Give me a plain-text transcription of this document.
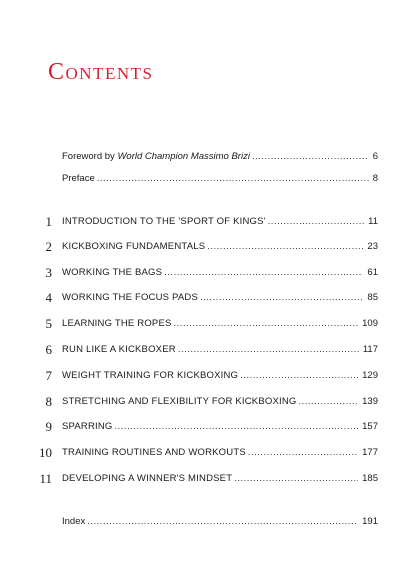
Contents
Foreword by World Champion Massimo Brizi .....	6
Preface .....	8
1 INTRODUCTION TO THE 'SPORT OF KINGS' .....	11
2 KICKBOXING FUNDAMENTALS .....	23
3 WORKING THE BAGS .....	61
4 WORKING THE FOCUS PADS .....	85
5 LEARNING THE ROPES .....	109
6 RUN LIKE A KICKBOXER .....	117
7 WEIGHT TRAINING FOR KICKBOXING .....	129
8 STRETCHING AND FLEXIBILITY FOR KICKBOXING .....	139
9 SPARRING .....	157
10 TRAINING ROUTINES AND WORKOUTS .....	177
11 DEVELOPING A WINNER'S MINDSET .....	185
Index .....	191
